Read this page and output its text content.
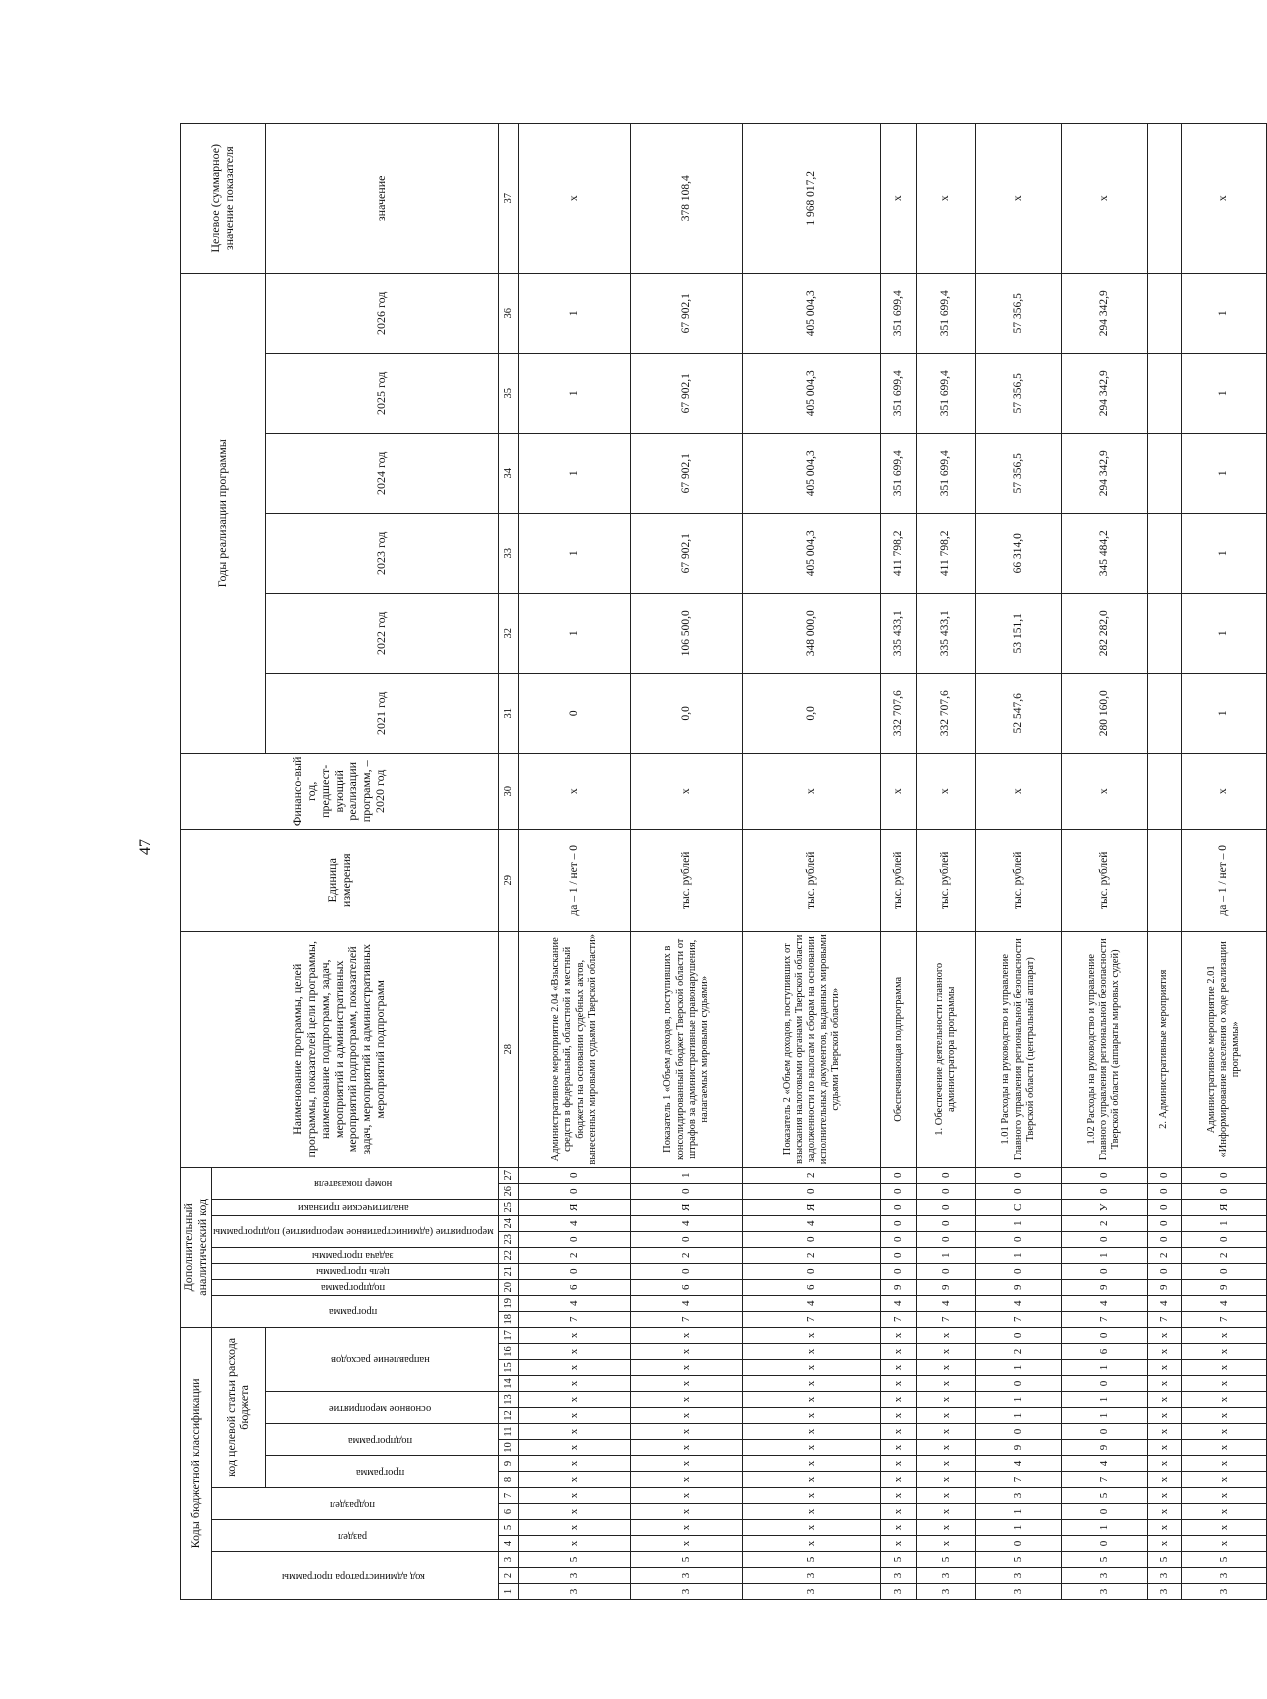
47
Коды бюджетной классификации																	Дополнительный аналитический код										Наименование программы, целей программы, показателей цели программы, наименование подпрограмм, задач, мероприятий и административных мероприятий подпрограмм, показателей задач, мероприятий и административных мероприятий подпрограмм	Единица измерения	Финансо-вый год, предшест-вующий реализации программ, – 2020 год	Годы реализации программы						Целевое (суммарное) значение показателя
код администратора программы			раздел		подраздел		код целевой статьи расхода бюджета										программа		подпрограмма	цель программы	задача программы	мероприятие (административное мероприятие) подпрограммы		аналитические признаки	номер показателя											
							программа		подпрограмма		основное мероприятие		направление расходов																	2021 год	2022 год	2023 год	2024 год	2025 год	2026 год	значение
1	2	3	4	5	6	7	8	9	10	11	12	13	14	15	16	17	18	19	20	21	22	23	24	25	26	27	28	29	30	31	32	33	34	35	36	37
3	3	5	х	х	х	х	х	х	х	х	х	х	х	х	х	х	7	4	6	0	2	0	4	Я	0	0	Административное мероприятие 2.04 «Взыскание средств в федеральный, областной и местный бюджеты на основании судебных актов, вынесенных мировыми судьями Тверской области»	да – 1 / нет – 0	х	0	1	1	1	1	1	х
3	3	5	х	х	х	х	х	х	х	х	х	х	х	х	х	х	7	4	6	0	2	0	4	Я	0	1	Показатель 1 «Объем доходов, поступивших в консолидированный бюджет Тверской области от штрафов за административные правонарушения, налагаемых мировыми судьями»	тыс. рублей	х	0,0	106 500,0	67 902,1	67 902,1	67 902,1	67 902,1	378 108,4
3	3	5	х	х	х	х	х	х	х	х	х	х	х	х	х	х	7	4	6	0	2	0	4	Я	0	2	Показатель 2 «Объем доходов, поступивших от взыскания налоговыми органами Тверской области задолженности по налогам и сборам на основании исполнительных документов, выданных мировыми судьями Тверской области»	тыс. рублей	х	0,0	348 000,0	405 004,3	405 004,3	405 004,3	405 004,3	1 968 017,2
3	3	5	х	х	х	х	х	х	х	х	х	х	х	х	х	х	7	4	9	0	0	0	0	0	0	0	Обеспечивающая подпрограмма	тыс. рублей	х	332 707,6	335 433,1	411 798,2	351 699,4	351 699,4	351 699,4	х
3	3	5	х	х	х	х	х	х	х	х	х	х	х	х	х	х	7	4	9	0	1	0	0	0	0	0	1. Обеспечение деятельности главного администратора программы	тыс. рублей	х	332 707,6	335 433,1	411 798,2	351 699,4	351 699,4	351 699,4	х
3	3	5	0	1	1	3	7	4	9	0	1	1	0	1	2	0	7	4	9	0	1	0	1	С	0	0	1.01 Расходы на руководство и управление Главного управления региональной безопасности Тверской области (центральный аппарат)	тыс. рублей	х	52 547,6	53 151,1	66 314,0	57 356,5	57 356,5	57 356,5	х
3	3	5	0	1	0	5	7	4	9	0	1	1	0	1	6	0	7	4	9	0	1	0	2	У	0	0	1.02 Расходы на руководство и управление Главного управления региональной безопасности Тверской области (аппараты мировых судей)	тыс. рублей	х	280 160,0	282 282,0	345 484,2	294 342,9	294 342,9	294 342,9	х
3	3	5	х	х	х	х	х	х	х	х	х	х	х	х	х	х	7	4	9	0	2	0	0	0	0	0	2. Административные мероприятия									
3	3	5	х	х	х	х	х	х	х	х	х	х	х	х	х	х	7	4	9	0	2	0	1	Я	0	0	Административное мероприятие 2.01 «Информирование населения о ходе реализации программы»	да – 1 / нет – 0	х	1	1	1	1	1	1	х
